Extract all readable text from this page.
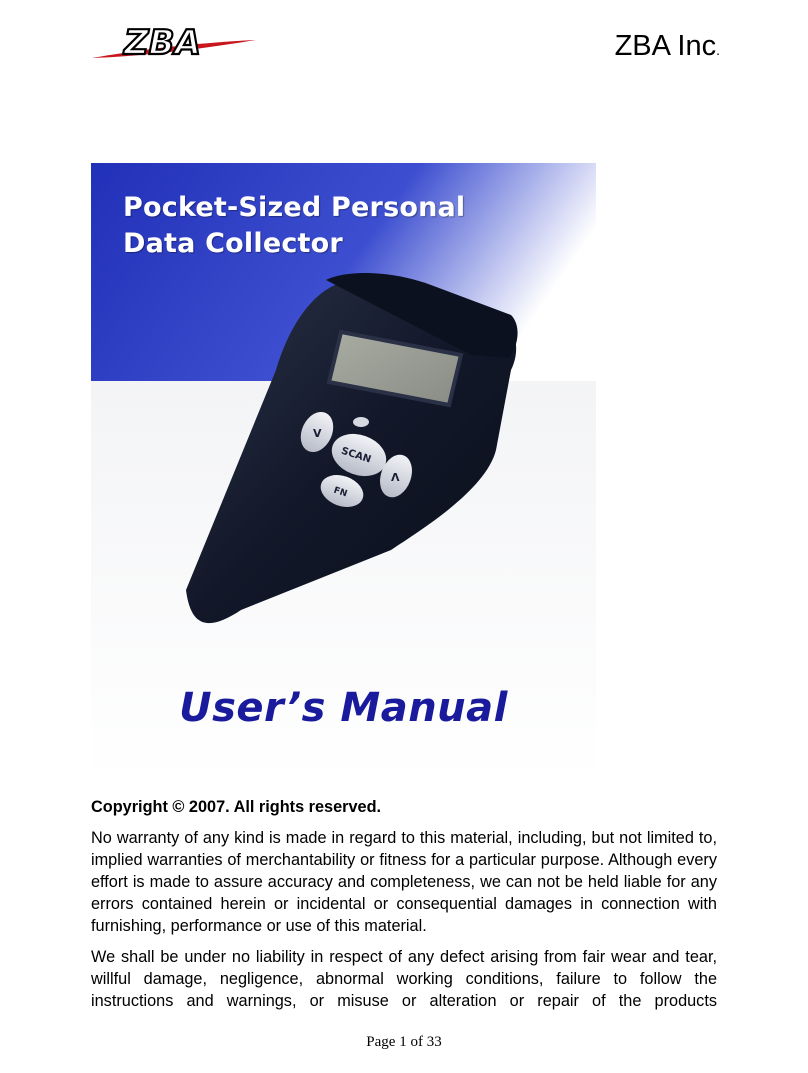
ZBA	ZBA Inc.
V
SCAN
Λ
FN
Pocket-Sized Personal
Data Collector
User’s Manual

Copyright © 2007. All rights reserved.

No warranty of any kind is made in regard to this material, including, but not limited to, implied warranties of merchantability or fitness for a particular purpose. Although every effort is made to assure accuracy and completeness, we can not be held liable for any errors contained herein or incidental or consequential damages in connection with furnishing, performance or use of this material.

We shall be under no liability in respect of any defect arising from fair wear and tear, willful damage, negligence, abnormal working conditions, failure to follow the instructions and warnings, or misuse or alteration or repair of the products

Page 1 of 33
